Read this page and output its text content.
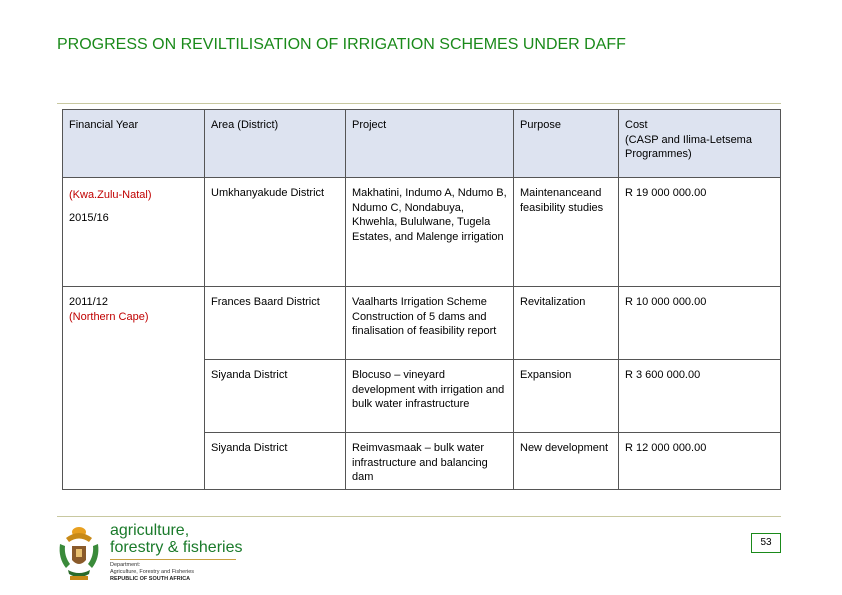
PROGRESS ON REVILTILISATION OF IRRIGATION SCHEMES UNDER DAFF
Financial Year	Area (District)	Project	Purpose	Cost
(CASP and Ilima-Letsema Programmes)

(Kwa.Zulu-Natal)
2015/16	Umkhanyakude District	Makhatini, Indumo A, Ndumo B, Ndumo C, Nondabuya, Khwehla, Bululwane, Tugela Estates, and Malenge irrigation	Maintenanceand feasibility studies	R 19 000 000.00

2011/12
(Northern Cape)	Frances Baard District	Vaalharts Irrigation Scheme Construction of 5 dams and finalisation of feasibility report	Revitalization	R 10 000 000.00
	Siyanda District	Blocuso – vineyard development with irrigation and bulk water infrastructure	Expansion	R 3 600 000.00
	Siyanda District	Reimvasmaak – bulk water infrastructure and balancing dam	New development	R 12 000 000.00
agriculture,
forestry & fisheries
Department:
Agriculture, Forestry and Fisheries
REPUBLIC OF SOUTH AFRICA
53
